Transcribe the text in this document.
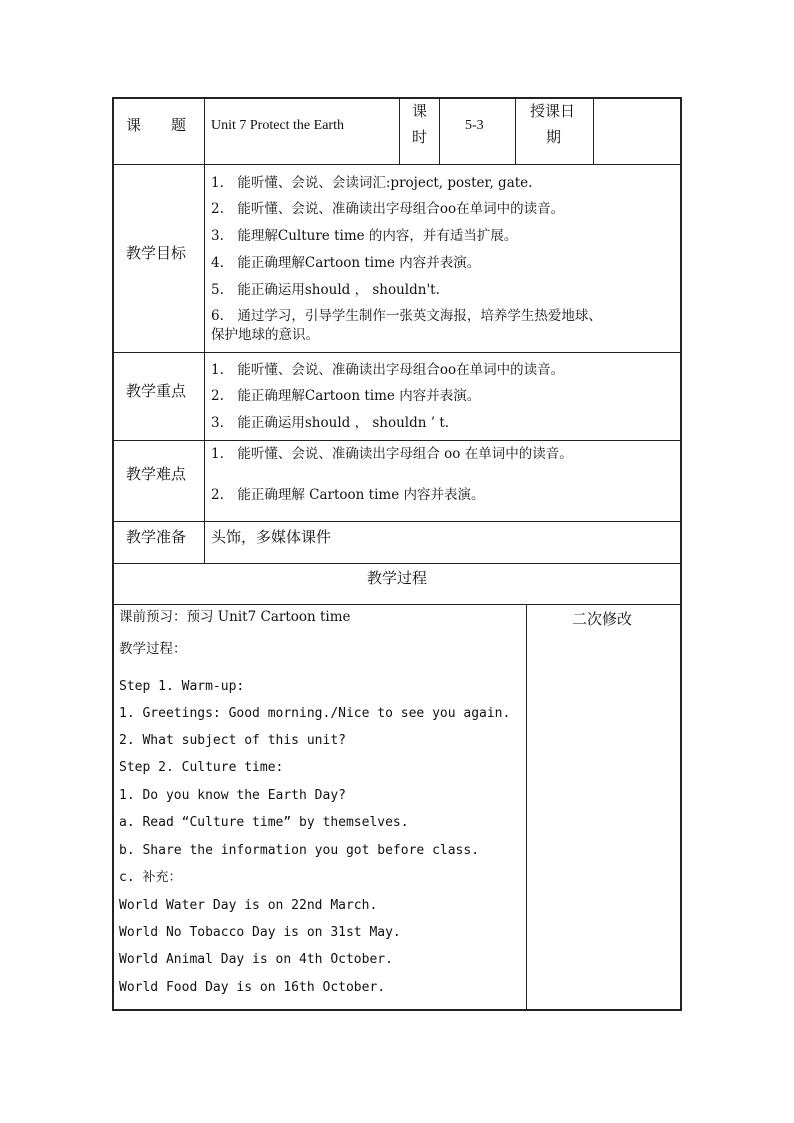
课　　题 Unit 7 Protect the Earth
课
时
5-3
授课日
期
教学目标
1.　能听懂、会说、会读词汇:project, poster, gate.
2.　能听懂、会说、准确读出字母组合oo在单词中的读音。
3.　能理解Culture time 的内容，并有适当扩展。
4.　能正确理解Cartoon time 内容并表演。
5.　能正确运用should ， shouldn't.
6.　通过学习，引导学生制作一张英文海报，培养学生热爱地球、
保护地球的意识。
教学重点
1.　能听懂、会说、准确读出字母组合oo在单词中的读音。
2.　能正确理解Cartoon time 内容并表演。
3.　能正确运用should ， shouldn ’ t.
教学难点
1.　能听懂、会说、准确读出字母组合 oo 在单词中的读音。
2.　能正确理解 Cartoon time 内容并表演。
教学准备 头饰，多媒体课件
教学过程
二次修改
课前预习：预习 Unit7 Cartoon time
教学过程：
Step 1. Warm-up:
1. Greetings: Good morning./Nice to see you again.
2. What subject of this unit?
Step 2. Culture time:
1. Do you know the Earth Day?
a. Read “Culture time” by themselves.
b. Share the information you got before class.
c. 补充：
World Water Day is on 22nd March.
World No Tobacco Day is on 31st May.
World Animal Day is on 4th October.
World Food Day is on 16th October.
